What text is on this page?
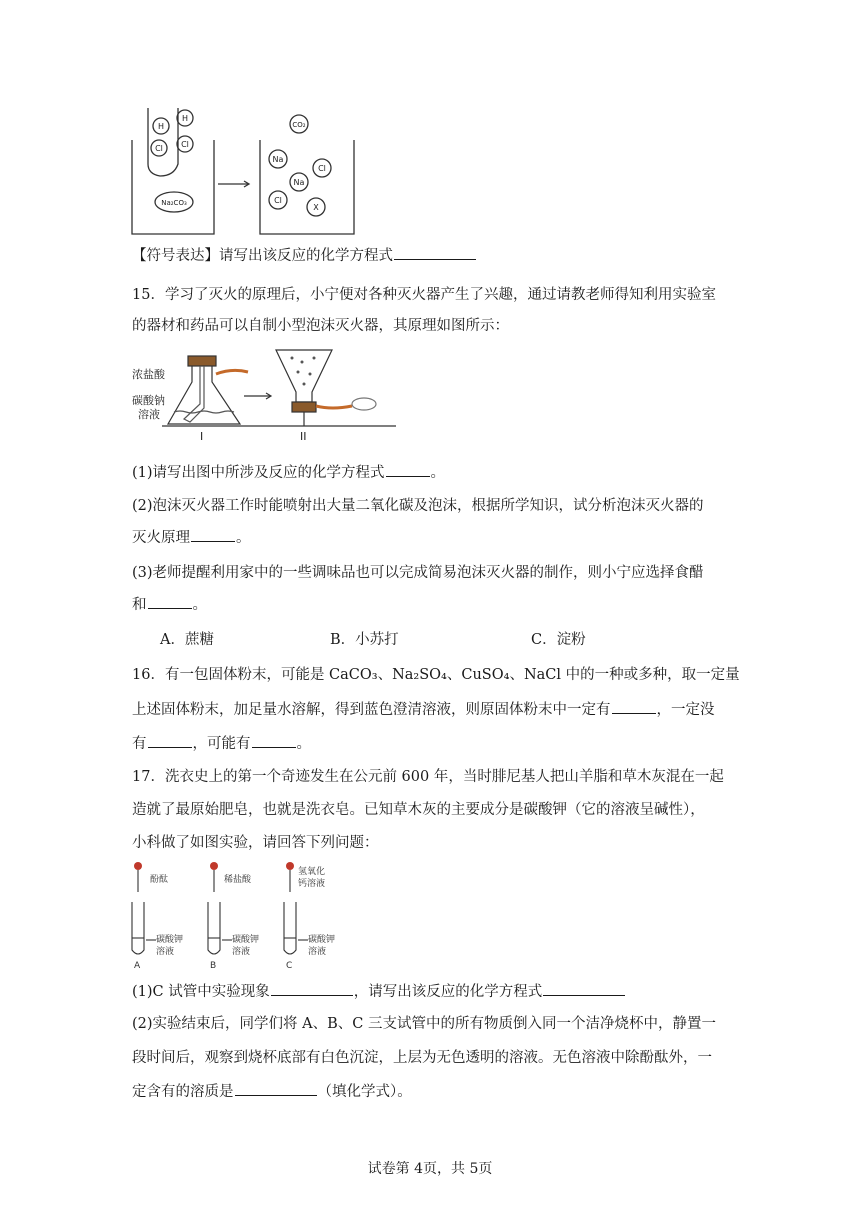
H
H
Cl Cl
Na₂CO₃
CO₂
Na
Cl
Na
Cl
X
【符号表达】请写出该反应的化学方程式
15．学习了灭火的原理后，小宁便对各种灭火器产生了兴趣，通过请教老师得知利用实验室
的器材和药品可以自制小型泡沫灭火器，其原理如图所示：
浓盐酸
碳酸钠
溶液
I	II
(1)请写出图中所涉及反应的化学方程式	。
(2)泡沫灭火器工作时能喷射出大量二氧化碳及泡沫，根据所学知识，试分析泡沫灭火器的
灭火原理	。
(3)老师提醒利用家中的一些调味品也可以完成简易泡沫灭火器的制作，则小宁应选择食醋
和	。
A．蔗糖	B．小苏打	C．淀粉
16．有一包固体粉末，可能是 CaCO₃、Na₂SO₄、CuSO₄、NaCl 中的一种或多种，取一定量
上述固体粉末，加足量水溶解，得到蓝色澄清溶液，则原固体粉末中一定有	，一定没
有	，可能有	。
17．洗衣史上的第一个奇迹发生在公元前 600 年，当时腓尼基人把山羊脂和草木灰混在一起
造就了最原始肥皂，也就是洗衣皂。已知草木灰的主要成分是碳酸钾（它的溶液呈碱性），
小科做了如图实验，请回答下列问题：
酚酞	稀盐酸
氢氧化
钙溶液
碳酸钾
溶液
碳酸钾
溶液
碳酸钾
溶液
A	B	C
(1)C 试管中实验现象	，请写出该反应的化学方程式
(2)实验结束后，同学们将 A、B、C 三支试管中的所有物质倒入同一个洁净烧杯中，静置一
段时间后，观察到烧杯底部有白色沉淀，上层为无色透明的溶液。无色溶液中除酚酞外，一
定含有的溶质是	（填化学式）。
试卷第 4页，共 5页
